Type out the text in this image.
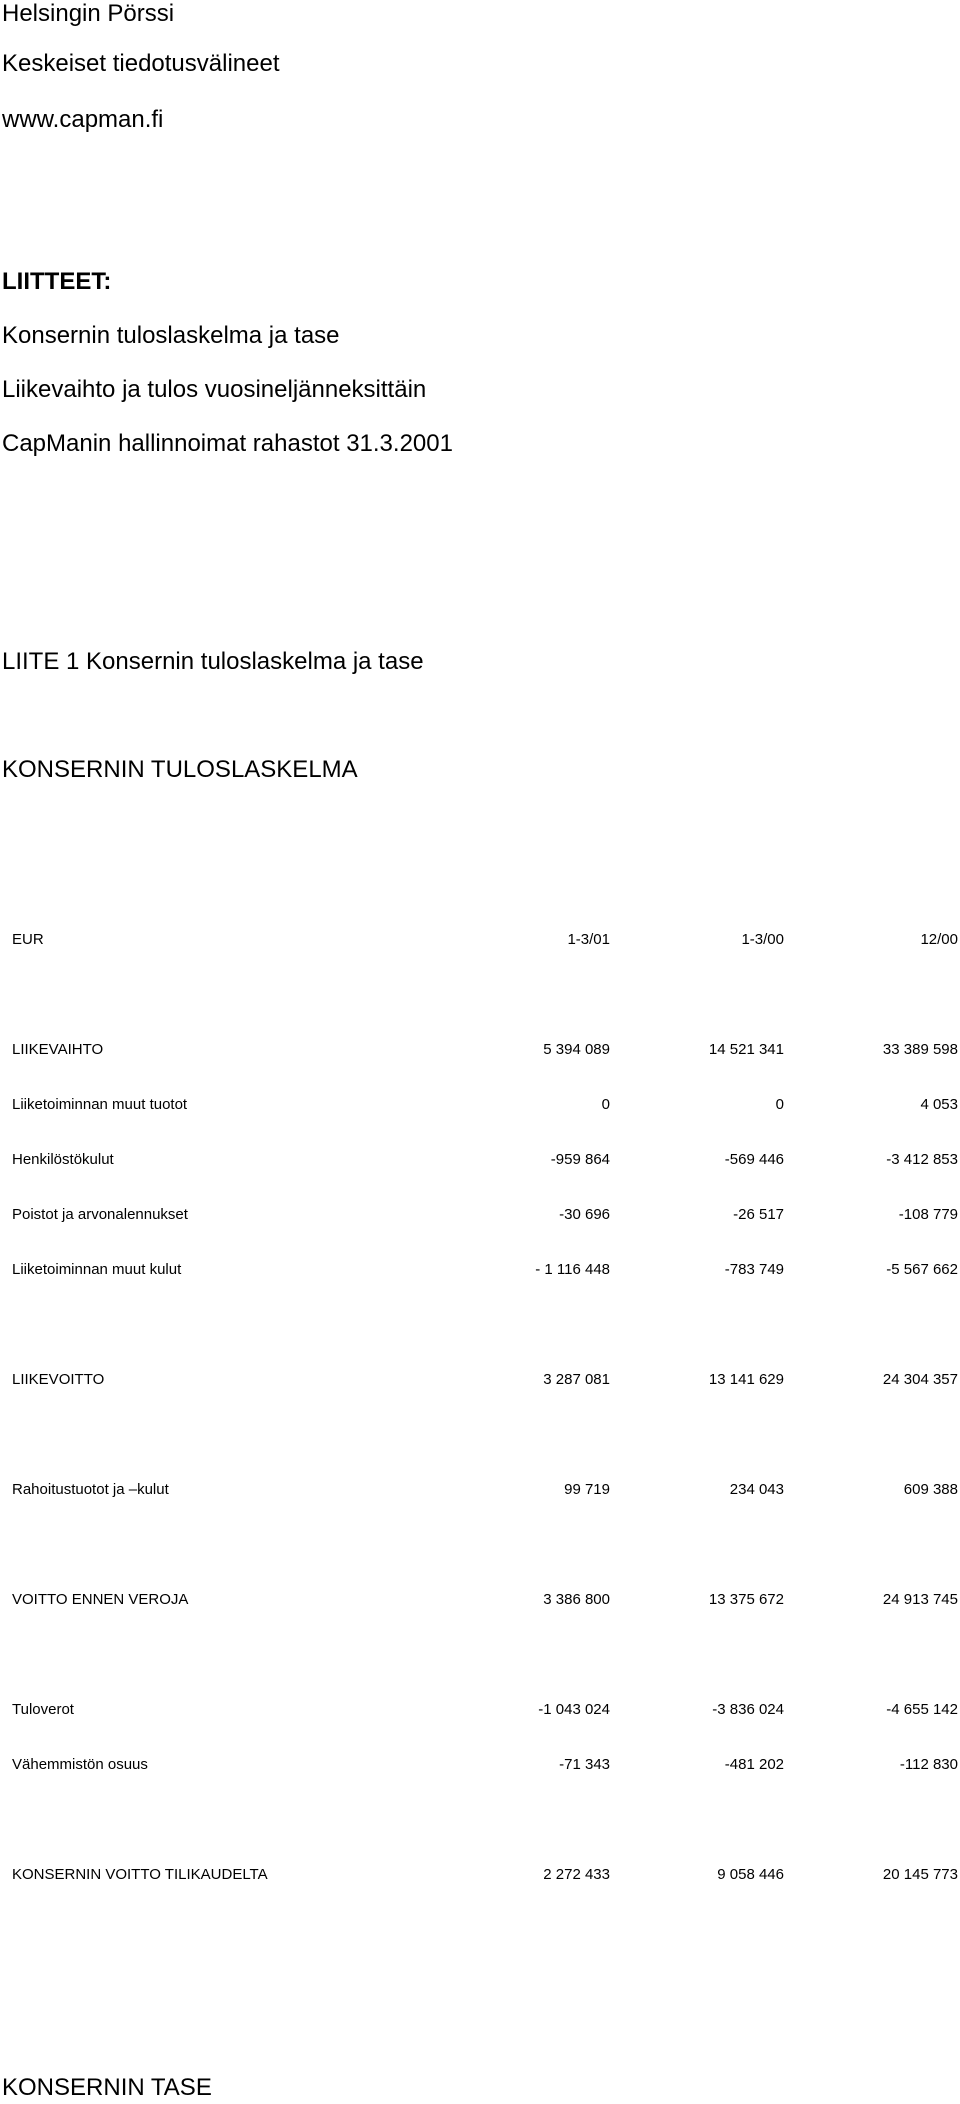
Helsingin Pörssi
Keskeiset tiedotusvälineet
www.capman.fi
LIITTEET:
Konsernin tuloslaskelma ja tase
Liikevaihto ja tulos vuosineljänneksittäin
CapManin hallinnoimat rahastot 31.3.2001
LIITE 1 Konsernin tuloslaskelma ja tase
KONSERNIN TULOSLASKELMA
EUR	1-3/01	1-3/00	12/00
LIIKEVAIHTO	5 394 089	14 521 341	33 389 598
Liiketoiminnan muut tuotot	0	0	4 053
Henkilöstökulut	-959 864	-569 446	-3 412 853
Poistot ja arvonalennukset	-30 696	-26 517	-108 779
Liiketoiminnan muut kulut	- 1 116 448	-783 749	-5 567 662
LIIKEVOITTO	3 287 081	13 141 629	24 304 357
Rahoitustuotot ja –kulut	99 719	234 043	609 388
VOITTO ENNEN VEROJA	3 386 800	13 375 672	24 913 745
Tuloverot	-1 043 024	-3 836 024	-4 655 142
Vähemmistön osuus	-71 343	-481 202	-112 830
KONSERNIN VOITTO TILIKAUDELTA	2 272 433	9 058 446	20 145 773
KONSERNIN TASE
